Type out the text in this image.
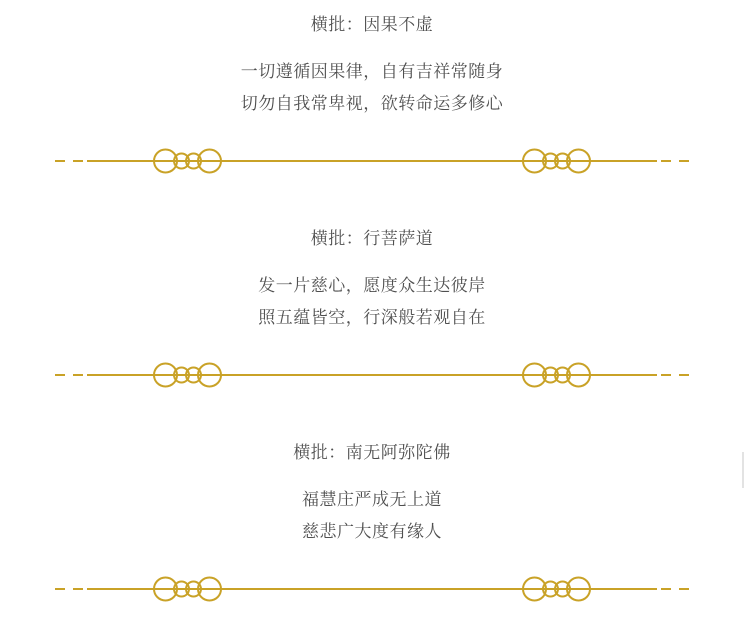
横批：因果不虚

一切遵循因果律，自有吉祥常随身

切勿自我常卑视，欲转命运多修心

横批：行菩萨道

发一片慈心，愿度众生达彼岸

照五蕴皆空，行深般若观自在

横批：南无阿弥陀佛

福慧庄严成无上道

慈悲广大度有缘人
